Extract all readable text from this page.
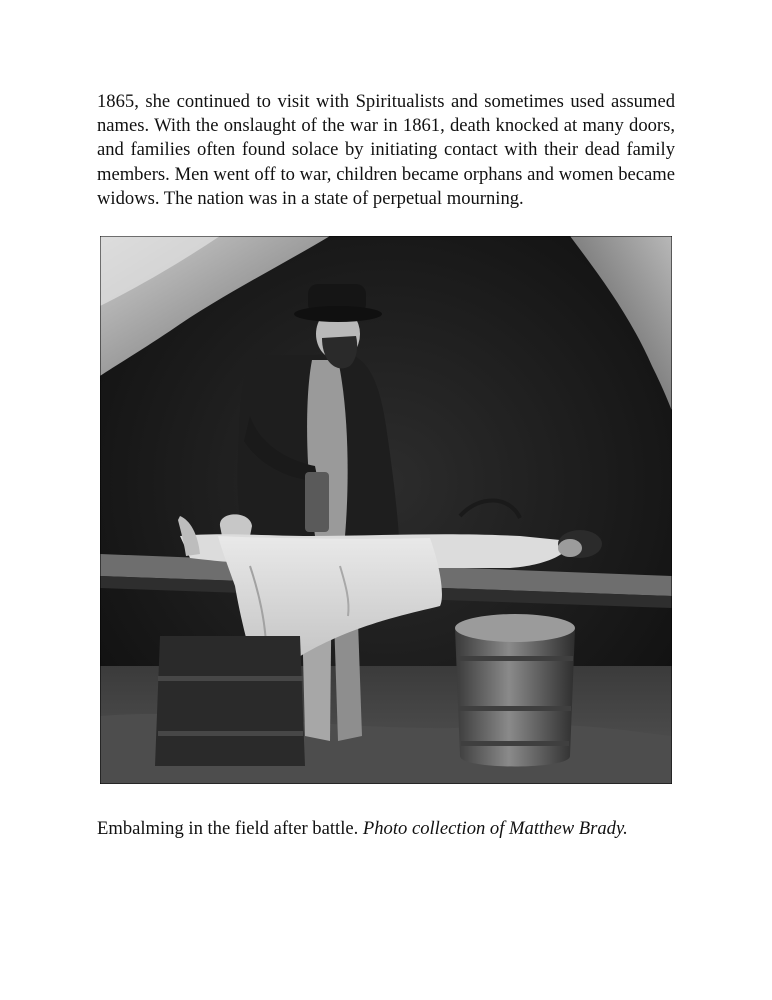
1865, she continued to visit with Spiritualists and sometimes used assumed names. With the onslaught of the war in 1861, death knocked at many doors, and families often found solace by initiating contact with their dead family members. Men went off to war, children became orphans and women became widows. The nation was in a state of perpetual mourning.

Embalming in the field after battle. Photo collection of Matthew Brady.
